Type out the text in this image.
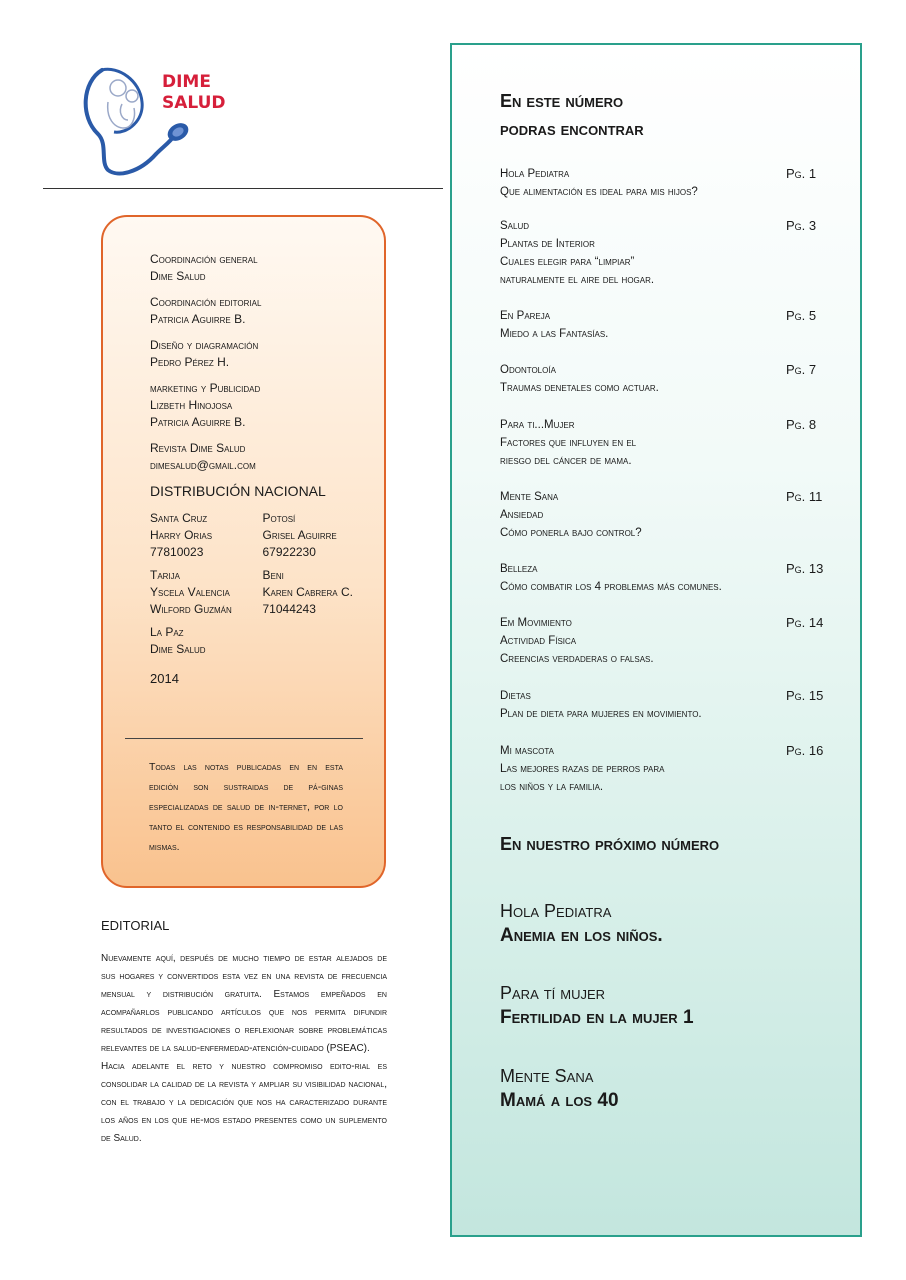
DIME
SALUD
Coordinación general
Dime Salud
Coordinación editorial
Patricia Aguirre B.
Diseño y diagramación
Pedro Pérez H.
marketing y Publicidad
Lizbeth Hinojosa
Patricia Aguirre B.
Revista Dime Salud
dimesalud@gmail.com
DISTRIBUCIÓN NACIONAL
Santa Cruz
Harry Orias
77810023
Tarija
Yscela Valencia
Wilford Guzmán
La Paz
Dime Salud
Potosí
Grisel Aguirre
67922230
Beni
Karen Cabrera C.
71044243
2014
Todas las notas publicadas en en esta edición son sustraidas de pá-ginas especializadas de salud de in-ternet, por lo tanto el contenido es responsabilidad de las mismas.
EDITORIAL

Nuevamente aquí, después de mucho tiempo de estar alejados de sus hogares y convertidos esta vez en una revista de frecuencia mensual y distribución gratuita. Estamos empeñados en acompañarlos publicando artículos que nos permita difundir resultados de investigaciones o reflexionar sobre problemáticas relevantes de la salud-enfermedad-atención-cuidado (PSEAC).

Hacia adelante el reto y nuestro compromiso edito-rial es consolidar la calidad de la revista y ampliar su visibilidad nacional, con el trabajo y la dedicación que nos ha caracterizado durante los años en los que he-mos estado presentes como un suplemento de Salud.

En este número
podras encontrar
Hola Pediatra
Que alimentación es ideal para mis hijos?
Pg. 1
Salud
Plantas de Interior
Cuales elegir para “limpiar”
naturalmente el aire del hogar.
Pg. 3
En Pareja
Miedo a las Fantasías.
Pg. 5
Odontoloía
Traumas denetales como actuar.
Pg. 7
Para ti...Mujer
Factores que influyen en el
riesgo del cáncer de mama.
Pg. 8
Mente Sana
Ansiedad
Cómo ponerla bajo control?
Pg. 11
Belleza
Cómo combatir los 4 problemas más comunes.
Pg. 13
Em Movimiento
Actividad Física
Creencias verdaderas o falsas.
Pg. 14
Dietas
Plan de dieta para mujeres en movimiento.
Pg. 15
Mi mascota
Las mejores razas de perros para
los niños y la familia.
Pg. 16
En nuestro próximo número
Hola Pediatra
Anemia en los niños.
Para tí mujer
Fertilidad en la mujer 1
Mente Sana
Mamá a los 40
